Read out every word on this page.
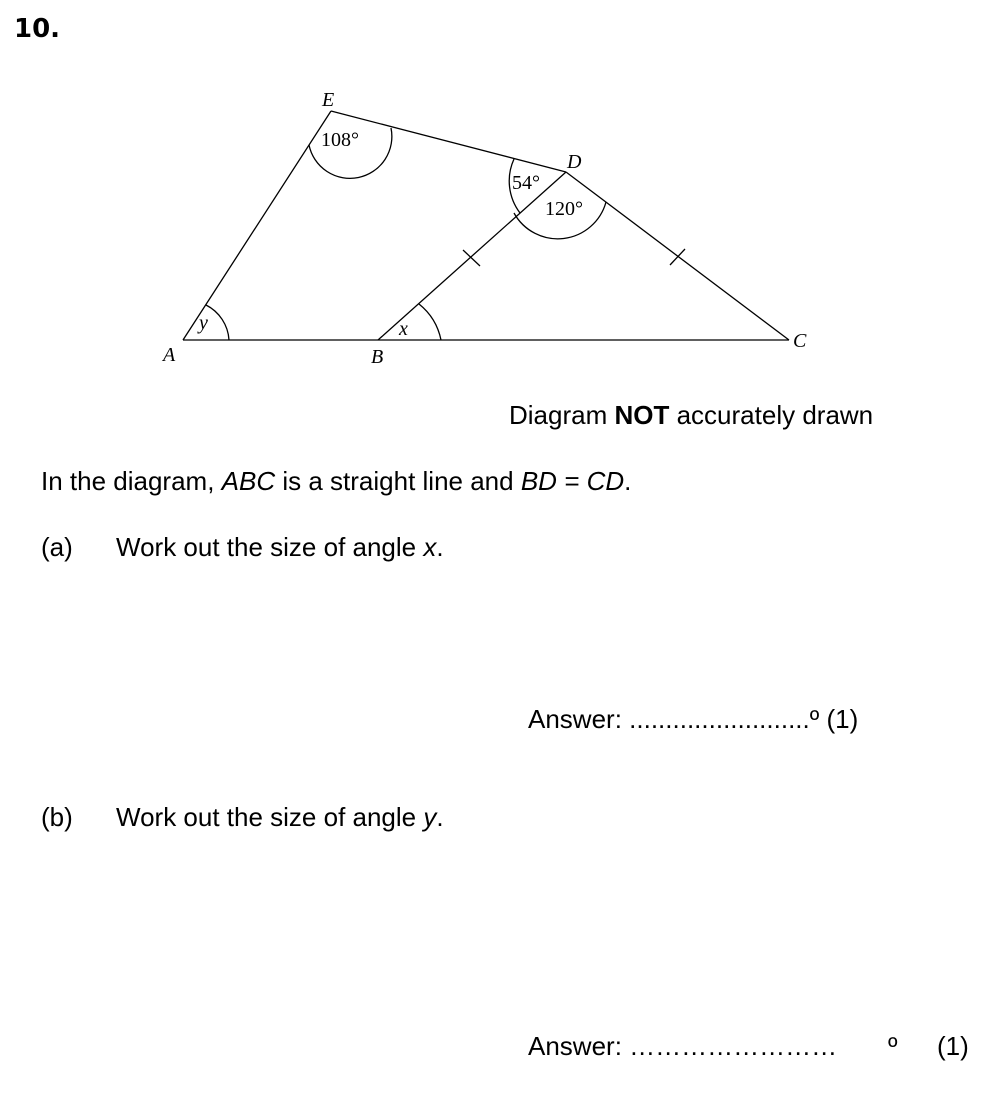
10.
E
D
A	B
C
108°
54°
120°
y	x
Diagram NOT accurately drawn
In the diagram, ABC is a straight line and BD = CD.
(a) Work out the size of angle x.
Answer: .........................º (1)
(b) Work out the size of angle y.
Answer: …………………… º (1)
